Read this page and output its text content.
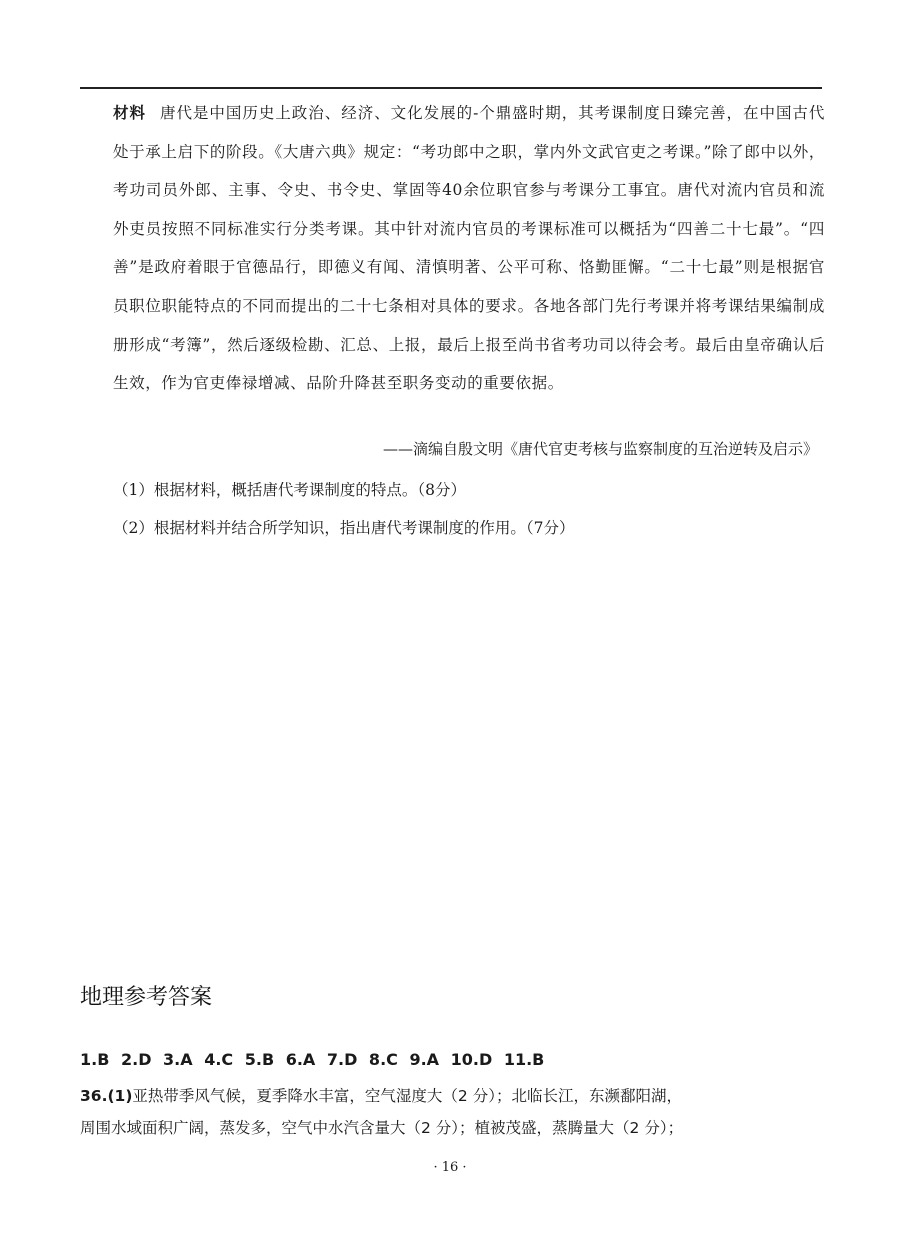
材料 唐代是中国历史上政治、经济、文化发展的-个鼎盛时期，其考课制度日臻完善，在中国古代处于承上启下的阶段。《大唐六典》规定：“考功郎中之职，掌内外文武官吏之考课。”除了郎中以外，考功司员外郎、主事、令史、书令史、掌固等40余位职官参与考课分工事宜。唐代对流内官员和流外吏员按照不同标准实行分类考课。其中针对流内官员的考课标准可以概括为“四善二十七最”。“四善”是政府着眼于官德品行，即德义有闻、清慎明著、公平可称、恪勤匪懈。“二十七最”则是根据官员职位职能特点的不同而提出的二十七条相对具体的要求。各地各部门先行考课并将考课结果编制成册形成“考簿”，然后逐级检勘、汇总、上报，最后上报至尚书省考功司以待会考。最后由皇帝确认后生效，作为官吏俸禄增减、品阶升降甚至职务变动的重要依据。
——滴编自殷文明《唐代官吏考核与监察制度的互治逆转及启示》
（1）根据材料，概括唐代考课制度的特点。（8分）
（2）根据材料并结合所学知识，指出唐代考课制度的作用。（7分）
地理参考答案
1.B 2.D 3.A 4.C 5.B 6.A 7.D 8.C 9.A 10.D 11.B
36.(1)亚热带季风气候，夏季降水丰富，空气湿度大（2 分）；北临长江，东濒鄱阳湖，
周围水域面积广阔，蒸发多，空气中水汽含量大（2 分）；植被茂盛，蒸腾量大（2 分）；
· 16 ·
